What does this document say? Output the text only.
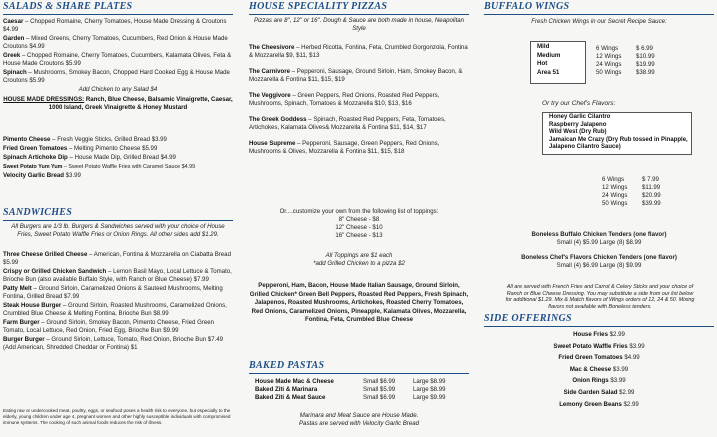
SALADS & SHARE PLATES
Caesar – Chopped Romaine, Cherry Tomatoes, House Made Dressing & Croutons $4.99
Garden – Mixed Greens, Cherry Tomatoes, Cucumbers, Red Onion & House Made Croutons $4.99
Greek – Chopped Romaine, Cherry Tomatoes, Cucumbers, Kalamata Olives, Feta & House Made Croutons $5.99
Spinach – Mushrooms, Smokey Bacon, Chopped Hard Cooked Egg & House Made Croutons $5.99
Add Chicken to any Salad $4
HOUSE MADE DRESSINGS: Ranch, Blue Cheese, Balsamic Vinaigrette, Caesar, 1000 Island, Greek Vinaigrette & Honey Mustard
Pimento Cheese – Fresh Veggie Sticks, Grilled Bread $3.99
Fried Green Tomatoes – Melting Pimento Cheese $5.99
Spinach Artichoke Dip – House Made Dip, Grilled Bread $4.99
Sweet Potato Yum Yum – Sweet Potato Waffle Fries with Caramel Sauce $4.99
Velocity Garlic Bread $3.99
SANDWICHES
All Burgers are 1/3 lb. Burgers & Sandwiches served with your choice of House Fries, Sweet Potato Waffle Fries or Onion Rings. All other sides add $1.29.
Three Cheese Grilled Cheese – American, Fontina & Mozzarella on Ciabatta Bread $5.99
Crispy or Grilled Chicken Sandwich – Lemon Basil Mayo, Local Lettuce & Tomato, Brioche Bun (also available Buffalo Style, with Ranch or Blue Cheese) $7.99
Patty Melt – Ground Sirloin, Caramelized Onions & Sauteed Mushrooms, Melting Fontina, Grilled Bread $7.99
Steak House Burger – Ground Sirloin, Roasted Mushrooms, Caramelized Onions, Crumbled Blue Cheese & Melting Fontina, Brioche Bun $8.99
Farm Burger – Ground Sirloin, Smokey Bacon, Pimento Cheese, Fried Green Tomato, Local Lettuce, Red Onion, Fried Egg, Brioche Bun $9.99
Burger Burger – Ground Sirloin, Lettuce, Tomato, Red Onion, Brioche Bun $7.49 (Add American, Shredded Cheddar or Fontina) $1
Eating raw or undercooked meat, poultry, eggs, or seafood poses a health risk to everyone, but especially to the elderly, young children under age 4, pregnant women and other highly susceptible individuals with compromised immune systems. The cooking of such animal foods reduces the risk of illness.
HOUSE SPECIALITY PIZZAS
Pizzas are 8", 12" or 16". Dough & Sauce are both made in house, Neapolitan Style
The Cheesivore – Herbed Ricotta, Fontina, Feta, Crumbled Gorgonzola, Fontina & Mozzarella $9, $11, $13
The Carnivore – Pepperoni, Sausage, Ground Sirloin, Ham, Smokey Bacon, & Mozzarella & Fontina $11, $15, $19
The Veggivore – Green Peppers, Red Onions, Roasted Red Peppers, Mushrooms, Spinach, Tomatoes & Mozzarella $10, $13, $16
The Greek Goddess – Spinach, Roasted Red Peppers, Feta, Tomatoes, Artichokes, Kalamata Olives& Mozzarella & Fontina $11, $14, $17
House Supreme – Pepperoni, Sausage, Green Peppers, Red Onions, Mushrooms & Olives, Mozzarella & Fontina $11, $15, $18
Or....customize your own from the following list of toppings:
8" Cheese - $8
12" Cheese - $10
16" Cheese - $13
All Toppings are $1 each
*add Grilled Chicken to a pizza $2
Pepperoni, Ham, Bacon, House Made Italian Sausage, Ground Sirloin, Grilled Chicken* Green Bell Peppers, Roasted Red Peppers, Fresh Spinach, Jalapenos, Roasted Mushrooms, Artichokes, Roasted Cherry Tomatoes, Red Onions, Caramelized Onions, Pineapple, Kalamata Olives, Mozzarella, Fontina, Feta, Crumbled Blue Cheese
BAKED PASTAS
House Made Mac & Cheese	Small $6.99	Large $8.99
Baked Ziti & Marinara	Small $5.99	Large $8.99
Baked Ziti & Meat Sauce	Small $6.99	Large $9.99
Marinara and Meat Sauce are House Made.
Pastas are served with Velocity Garlic Bread
BUFFALO WINGS
Fresh Chicken Wings in our Secret Recipe Sauce:
Mild
Medium
Hot
Area 51
6 Wings	$ 6.99
12 Wings	$10.99
24 Wings	$19.99
50 Wings	$38.99
Or try our Chef's Flavors:
Honey Garlic Cilantro
Raspberry Jalapeno
Wild West (Dry Rub)
Jamaican Me Crazy (Dry Rub tossed in Pinapple, Jalapeno Cilantro Sauce)
6 Wings	$ 7.99
12 Wings	$11.99
24 Wings	$20.99
50 Wings	$39.99
Boneless Buffalo Chicken Tenders (one flavor)
Small (4) $5.99 Large (8) $8.99
Boneless Chef's Flavors Chicken Tenders (one flavor)
Small (4) $6.99 Large (8) $9.99
All are served with French Fries and Carrot & Celery Sticks and your choice of Ranch or Blue Cheese Dressing. You may substitute a side from our list below for additional $1.29. Mix & Match flavors of Wings orders of 12, 24 & 50. Mixing flavors not available with Boneless tenders.
SIDE OFFERINGS
House Fries $2.99
Sweet Potato Waffle Fries $3.99
Fried Green Tomatoes $4.99
Mac & Cheese $3.99
Onion Rings $3.99
Side Garden Salad $2.99
Lemony Green Beans $2.99
